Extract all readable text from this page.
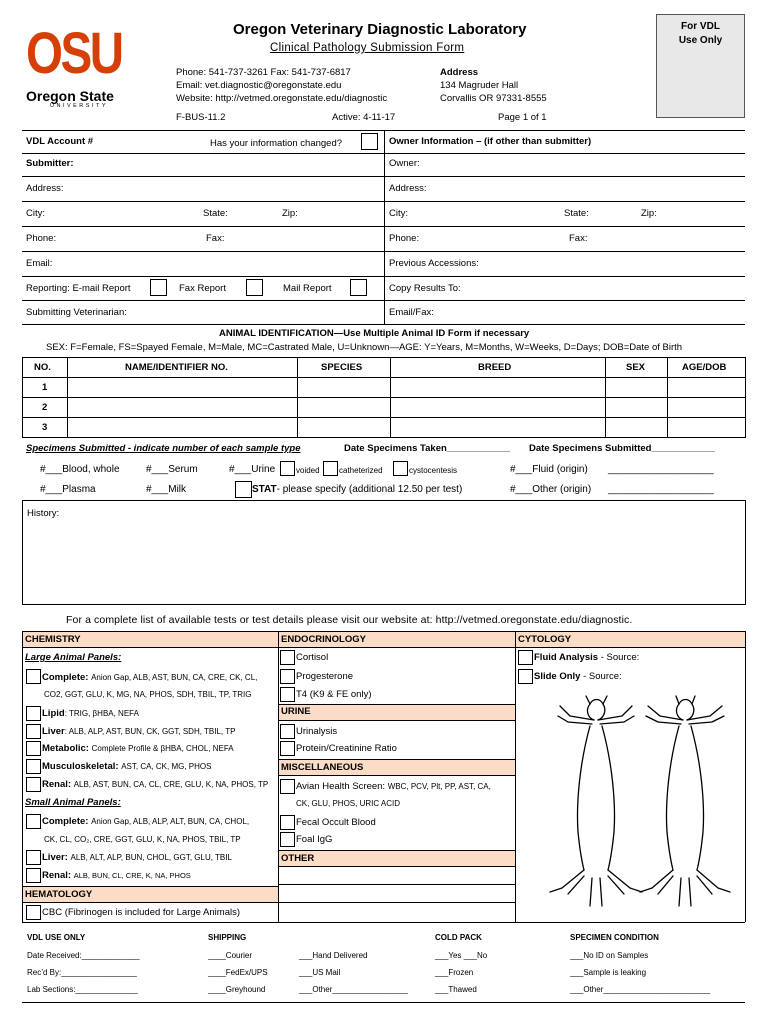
OSU
Oregon State
UNIVERSITY
Oregon Veterinary Diagnostic Laboratory
Clinical Pathology Submission Form
Phone: 541-737-3261 Fax: 541-737-6817
Email: vet.diagnostic@oregonstate.edu
Website: http://vetmed.oregonstate.edu/diagnostic
Address
134 Magruder Hall
Corvallis OR 97331-8555
F-BUS-11.2	Active: 4-11-17	Page 1 of 1
For VDL Use Only
VDL Account #	Has your information changed?	Owner Information – (if other than submitter)
Submitter:	Owner:
Address:	Address:
City:	State:	Zip:	City:	State:	Zip:
Phone:	Fax:	Phone:	Fax:
Email:	Previous Accessions:
Reporting: E-mail Report	Fax Report	Mail Report	Copy Results To:
Submitting Veterinarian:	Email/Fax:
ANIMAL IDENTIFICATION—Use Multiple Animal ID Form if necessary
SEX: F=Female, FS=Spayed Female, M=Male, MC=Castrated Male, U=Unknown—AGE: Y=Years, M=Months, W=Weeks, D=Days; DOB=Date of Birth
NO.	NAME/IDENTIFIER NO.	SPECIES	BREED	SEX	AGE/DOB
1
2
3
Specimens Submitted - indicate number of each sample type	Date Specimens Taken____________ Date Specimens Submitted____________
#___Blood, whole	#___Serum	#___Urine	voided catheterized	cystocentesis	#___Fluid (origin) ___________________
#___Plasma	#___Milk	STAT- please specify (additional 12.50 per test)	#___Other (origin) ___________________
History:
For a complete list of available tests or test details please visit our website at: http://vetmed.oregonstate.edu/diagnostic.
CHEMISTRY
Large Animal Panels:
Complete: Anion Gap, ALB, AST, BUN, CA, CRE, CK, CL,
CO2, GGT, GLU, K, MG, NA, PHOS, SDH, TBIL, TP, TRIG
Lipid: TRIG, βHBA, NEFA
Liver: ALB, ALP, AST, BUN, CK, GGT, SDH, TBIL, TP
Metabolic: Complete Profile & βHBA, CHOL, NEFA
Musculoskeletal: AST, CA, CK, MG, PHOS
Renal: ALB, AST, BUN, CA, CL, CRE, GLU, K, NA, PHOS, TP
Small Animal Panels:
Complete: Anion Gap, ALB, ALP, ALT, BUN, CA, CHOL,
CK, CL, CO₂, CRE, GGT, GLU, K, NA, PHOS, TBIL, TP
Liver: ALB, ALT, ALP, BUN, CHOL, GGT, GLU, TBIL
Renal: ALB, BUN, CL, CRE, K, NA, PHOS
HEMATOLOGY
CBC (Fibrinogen is included for Large Animals)
ENDOCRINOLOGY
Cortisol
Progesterone
T4 (K9 & FE only)
URINE
Urinalysis
Protein/Creatinine Ratio
MISCELLANEOUS
Avian Health Screen: WBC, PCV, Plt, PP, AST, CA,
CK, GLU, PHOS, URIC ACID
Fecal Occult Blood
Foal IgG
OTHER
CYTOLOGY
Fluid Analysis - Source:
Slide Only - Source:
VDL USE ONLY
Date Received:_____________
Rec’d By:_________________
Lab Sections:______________
SHIPPING
____Courier
____FedEx/UPS
____Greyhound
___Hand Delivered
___US Mail
___Other_________________
COLD PACK
___Yes ___No
___Frozen
___Thawed
SPECIMEN CONDITION
___No ID on Samples
___Sample is leaking
___Other________________________
